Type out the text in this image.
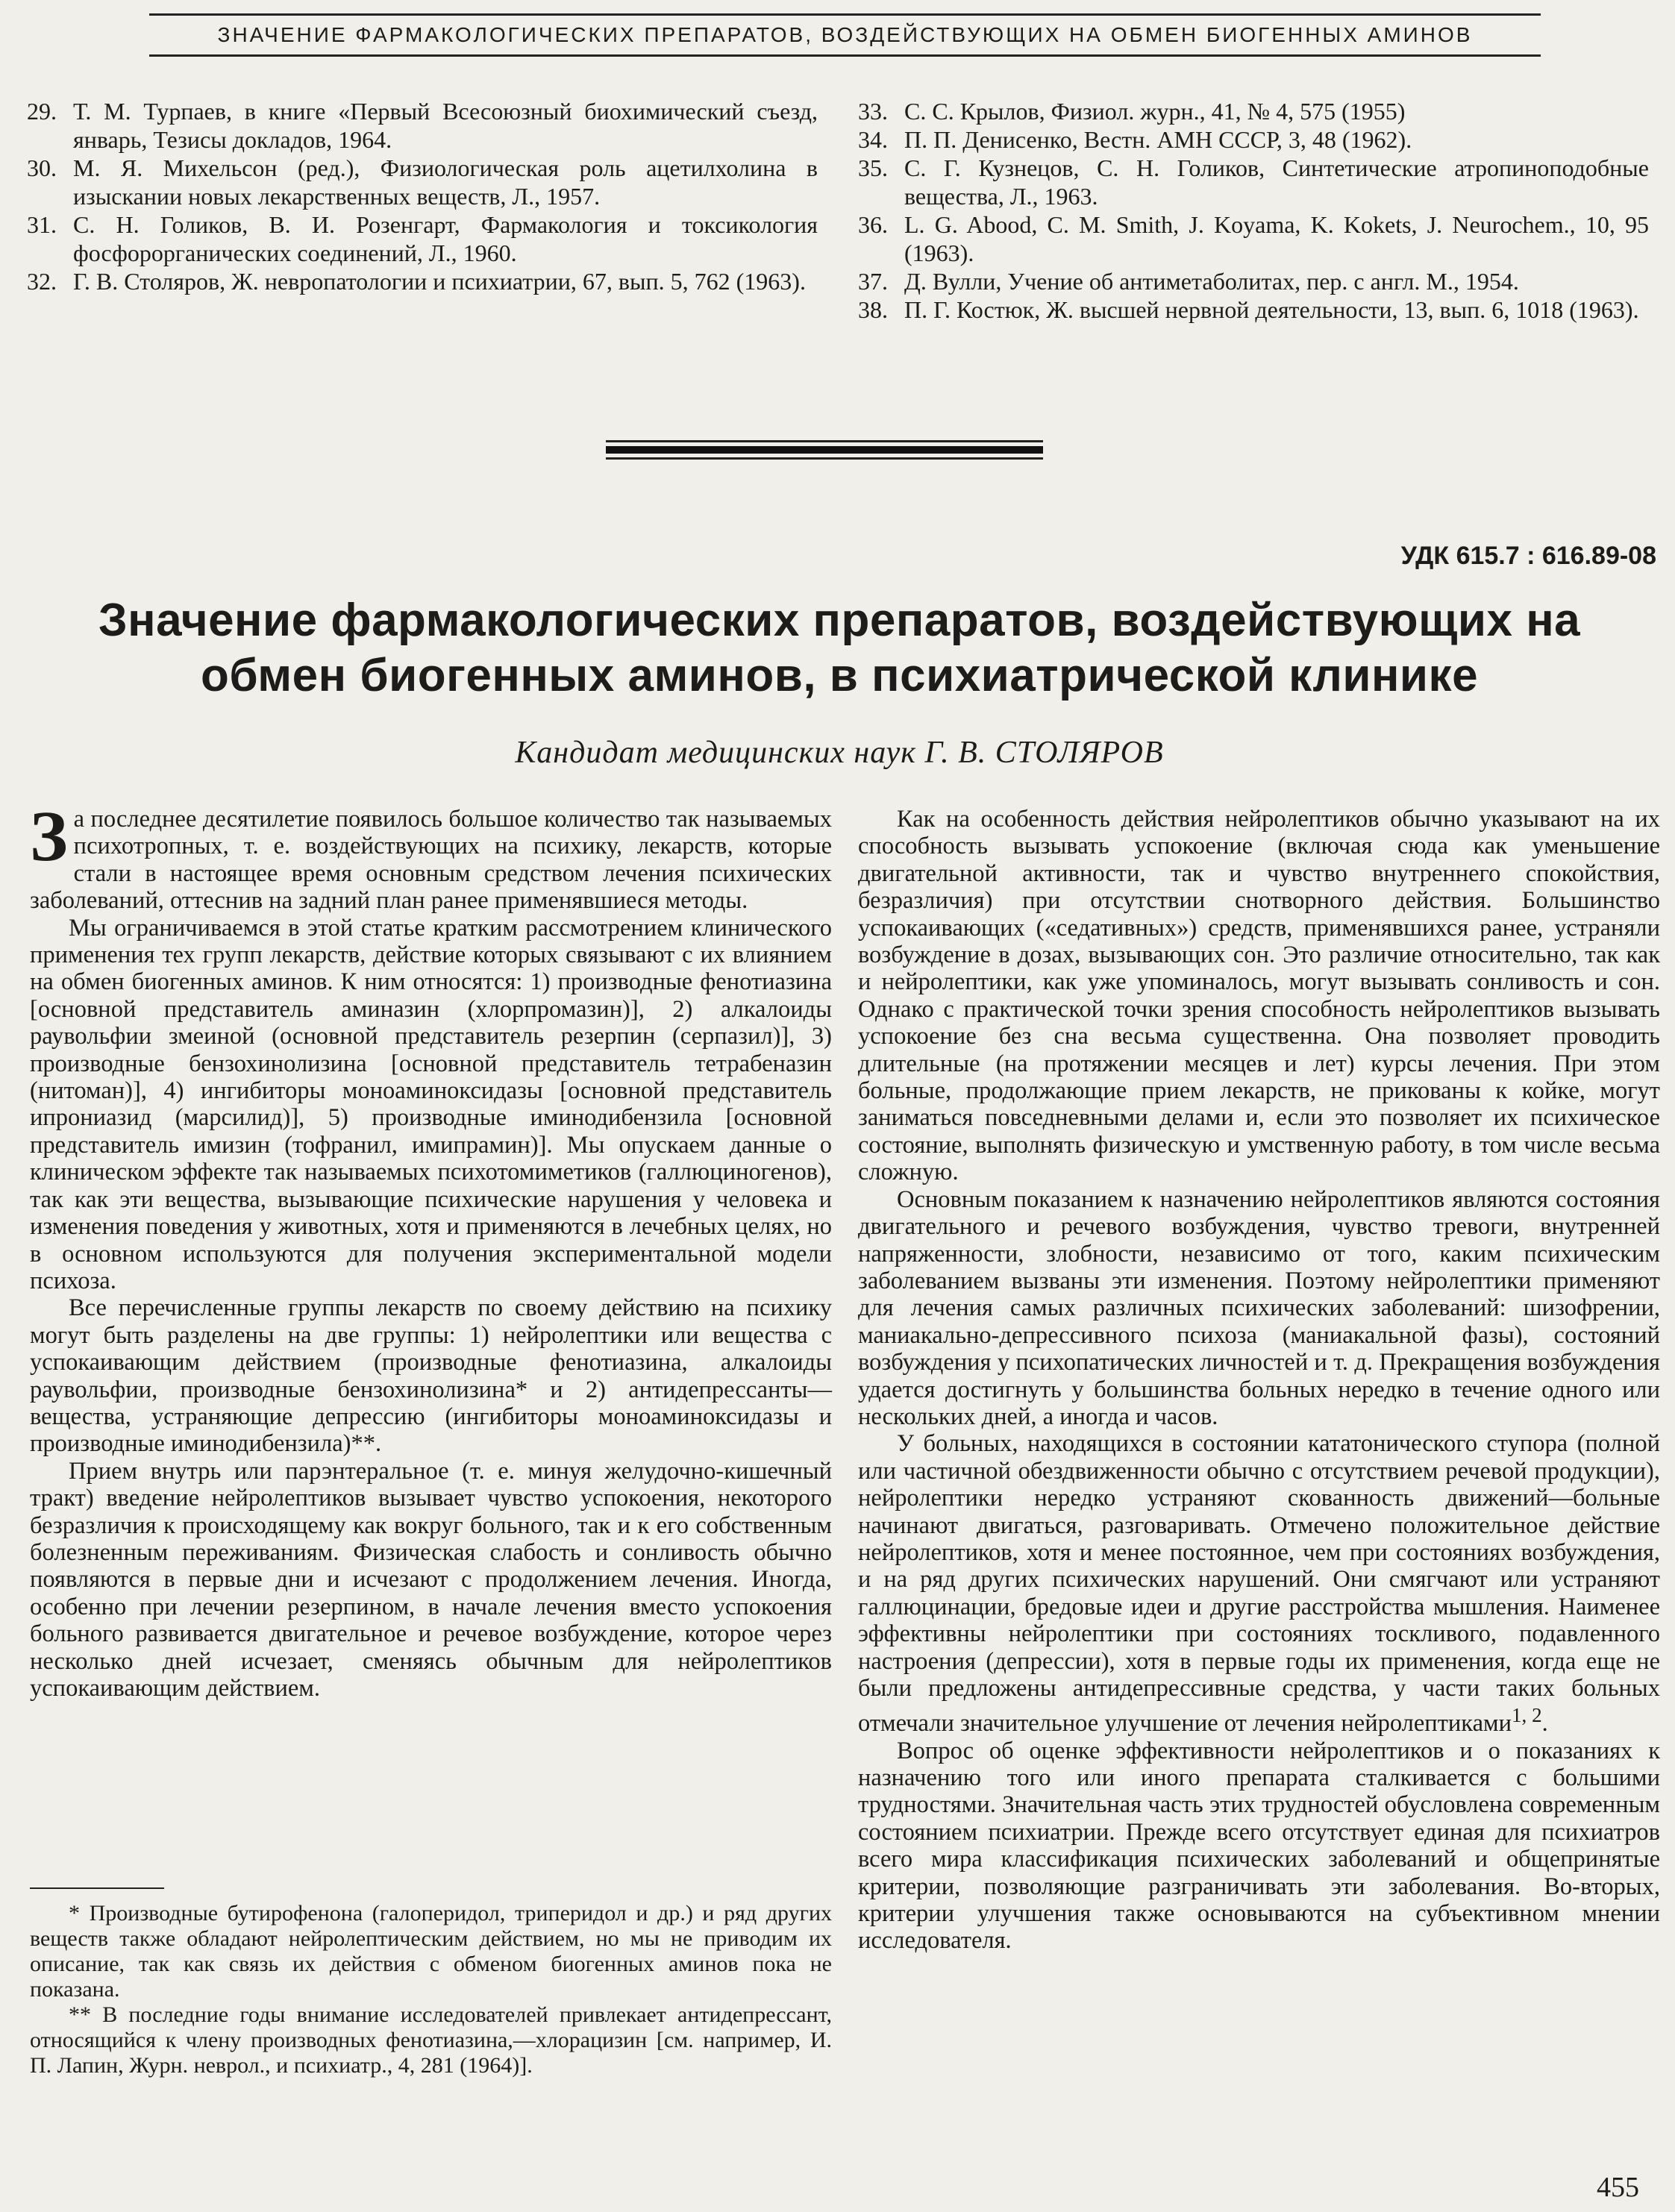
ЗНАЧЕНИЕ ФАРМАКОЛОГИЧЕСКИХ ПРЕПАРАТОВ, ВОЗДЕЙСТВУЮЩИХ НА ОБМЕН БИОГЕННЫХ АМИНОВ
29. Т. М. Турпаев, в книге «Первый Всесоюзный биохимический съезд, январь, Тезисы докладов, 1964.
30. М. Я. Михельсон (ред.), Физиологическая роль ацетилхолина в изыскании новых лекарственных веществ, Л., 1957.
31. С. Н. Голиков, В. И. Розенгарт, Фармакология и токсикология фосфорорганических соединений, Л., 1960.
32. Г. В. Столяров, Ж. невропатологии и психиатрии, 67, вып. 5, 762 (1963).
33. С. С. Крылов, Физиол. журн., 41, № 4, 575 (1955)
34. П. П. Денисенко, Вестн. АМН СССР, 3, 48 (1962).
35. С. Г. Кузнецов, С. Н. Голиков, Синтетические атропиноподобные вещества, Л., 1963.
36. L. G. Abood, C. M. Smith, J. Koyama, K. Kokets, J. Neurochem., 10, 95 (1963).
37. Д. Вулли, Учение об антиметаболитах, пер. с англ. М., 1954.
38. П. Г. Костюк, Ж. высшей нервной деятельности, 13, вып. 6, 1018 (1963).
УДК 615.7 : 616.89-08
Значение фармакологических препаратов, воздействующих на обмен биогенных аминов, в психиатрической клинике
Кандидат медицинских наук Г. В. СТОЛЯРОВ

За последнее десятилетие появилось большое количество так называемых психотропных, т. е. воздействующих на психику, лекарств, которые стали в настоящее время основным средством лечения психических заболеваний, оттеснив на задний план ранее применявшиеся методы.

Мы ограничиваемся в этой статье кратким рассмотрением клинического применения тех групп лекарств, действие которых связывают с их влиянием на обмен биогенных аминов. К ним относятся: 1) производные фенотиазина [основной представитель аминазин (хлорпромазин)], 2) алкалоиды раувольфии змеиной (основной представитель резерпин (серпазил)], 3) производные бензохинолизина [основной представитель тетрабеназин (нитоман)], 4) ингибиторы моноаминоксидазы [основной представитель ипрониазид (марсилид)], 5) производные иминодибензила [основной представитель имизин (тофранил, имипрамин)]. Мы опускаем данные о клиническом эффекте так называемых психотомиметиков (галлюциногенов), так как эти вещества, вызывающие психические нарушения у человека и изменения поведения у животных, хотя и применяются в лечебных целях, но в основном используются для получения экспериментальной модели психоза.

Все перечисленные группы лекарств по своему действию на психику могут быть разделены на две группы: 1) нейролептики или вещества с успокаивающим действием (производные фенотиазина, алкалоиды раувольфии, производные бензохинолизина* и 2) антидепрессанты—вещества, устраняющие депрессию (ингибиторы моноаминоксидазы и производные иминодибензила)**.

Прием внутрь или парэнтеральное (т. е. минуя желудочно-кишечный тракт) введение нейролептиков вызывает чувство успокоения, некоторого безразличия к происходящему как вокруг больного, так и к его собственным болезненным переживаниям. Физическая слабость и сонливость обычно появляются в первые дни и исчезают с продолжением лечения. Иногда, особенно при лечении резерпином, в начале лечения вместо успокоения больного развивается двигательное и речевое возбуждение, которое через несколько дней исчезает, сменяясь обычным для нейролептиков успокаивающим действием.

* Производные бутирофенона (галоперидол, трипеpидол и др.) и ряд других веществ также обладают нейролептическим действием, но мы не приводим их описание, так как связь их действия с обменом биогенных аминов пока не показана.

** В последние годы внимание исследователей привлекает антидепрессант, относящийся к члену производных фенотиазина,—хлорацизин [см. например, И. П. Лапин, Журн. невpол., и психиатр., 4, 281 (1964)].

Как на особенность действия нейролептиков обычно указывают на их способность вызывать успокоение (включая сюда как уменьшение двигательной активности, так и чувство внутреннего спокойствия, безразличия) при отсутствии снотворного действия. Большинство успокаивающих («седативных») средств, применявшихся ранее, устраняли возбуждение в дозах, вызывающих сон. Это различие относительно, так как и нейролептики, как уже упоминалось, могут вызывать сонливость и сон. Однако с практической точки зрения способность нейролептиков вызывать успокоение без сна весьма существенна. Она позволяет проводить длительные (на протяжении месяцев и лет) курсы лечения. При этом больные, продолжающие прием лекарств, не прикованы к койке, могут заниматься повседневными делами и, если это позволяет их психическое состояние, выполнять физическую и умственную работу, в том числе весьма сложную.

Основным показанием к назначению нейролептиков являются состояния двигательного и речевого возбуждения, чувство тревоги, внутренней напряженности, злобности, независимо от того, каким психическим заболеванием вызваны эти изменения. Поэтому нейролептики применяют для лечения самых различных психических заболеваний: шизофрении, маниакально-депрессивного психоза (маниакальной фазы), состояний возбуждения у психопатических личностей и т. д. Прекращения возбуждения удается достигнуть у большинства больных нередко в течение одного или нескольких дней, а иногда и часов.

У больных, находящихся в состоянии кататонического ступора (полной или частичной обездвиженности обычно с отсутствием речевой продукции), нейролептики нередко устраняют скованность движений—больные начинают двигаться, разговаривать. Отмечено положительное действие нейролептиков, хотя и менее постоянное, чем при состояниях возбуждения, и на ряд других психических нарушений. Они смягчают или устраняют галлюцинации, бредовые идеи и другие расстройства мышления. Наименее эффективны нейролептики при состояниях тоскливого, подавленного настроения (депрессии), хотя в первые годы их применения, когда еще не были предложены антидепрессивные средства, у части таких больных отмечали значительное улучшение от лечения нейролептиками$^{1, 2}$.

Вопрос об оценке эффективности нейролептиков и о показаниях к назначению того или иного препарата сталкивается с большими трудностями. Значительная часть этих трудностей обусловлена современным состоянием психиатрии. Прежде всего отсутствует единая для психиатров всего мира классификация психических заболеваний и общепринятые критерии, позволяющие разграничивать эти заболевания. Во-вторых, критерии улучшения также основываются на субъективном мнении исследователя.

455
